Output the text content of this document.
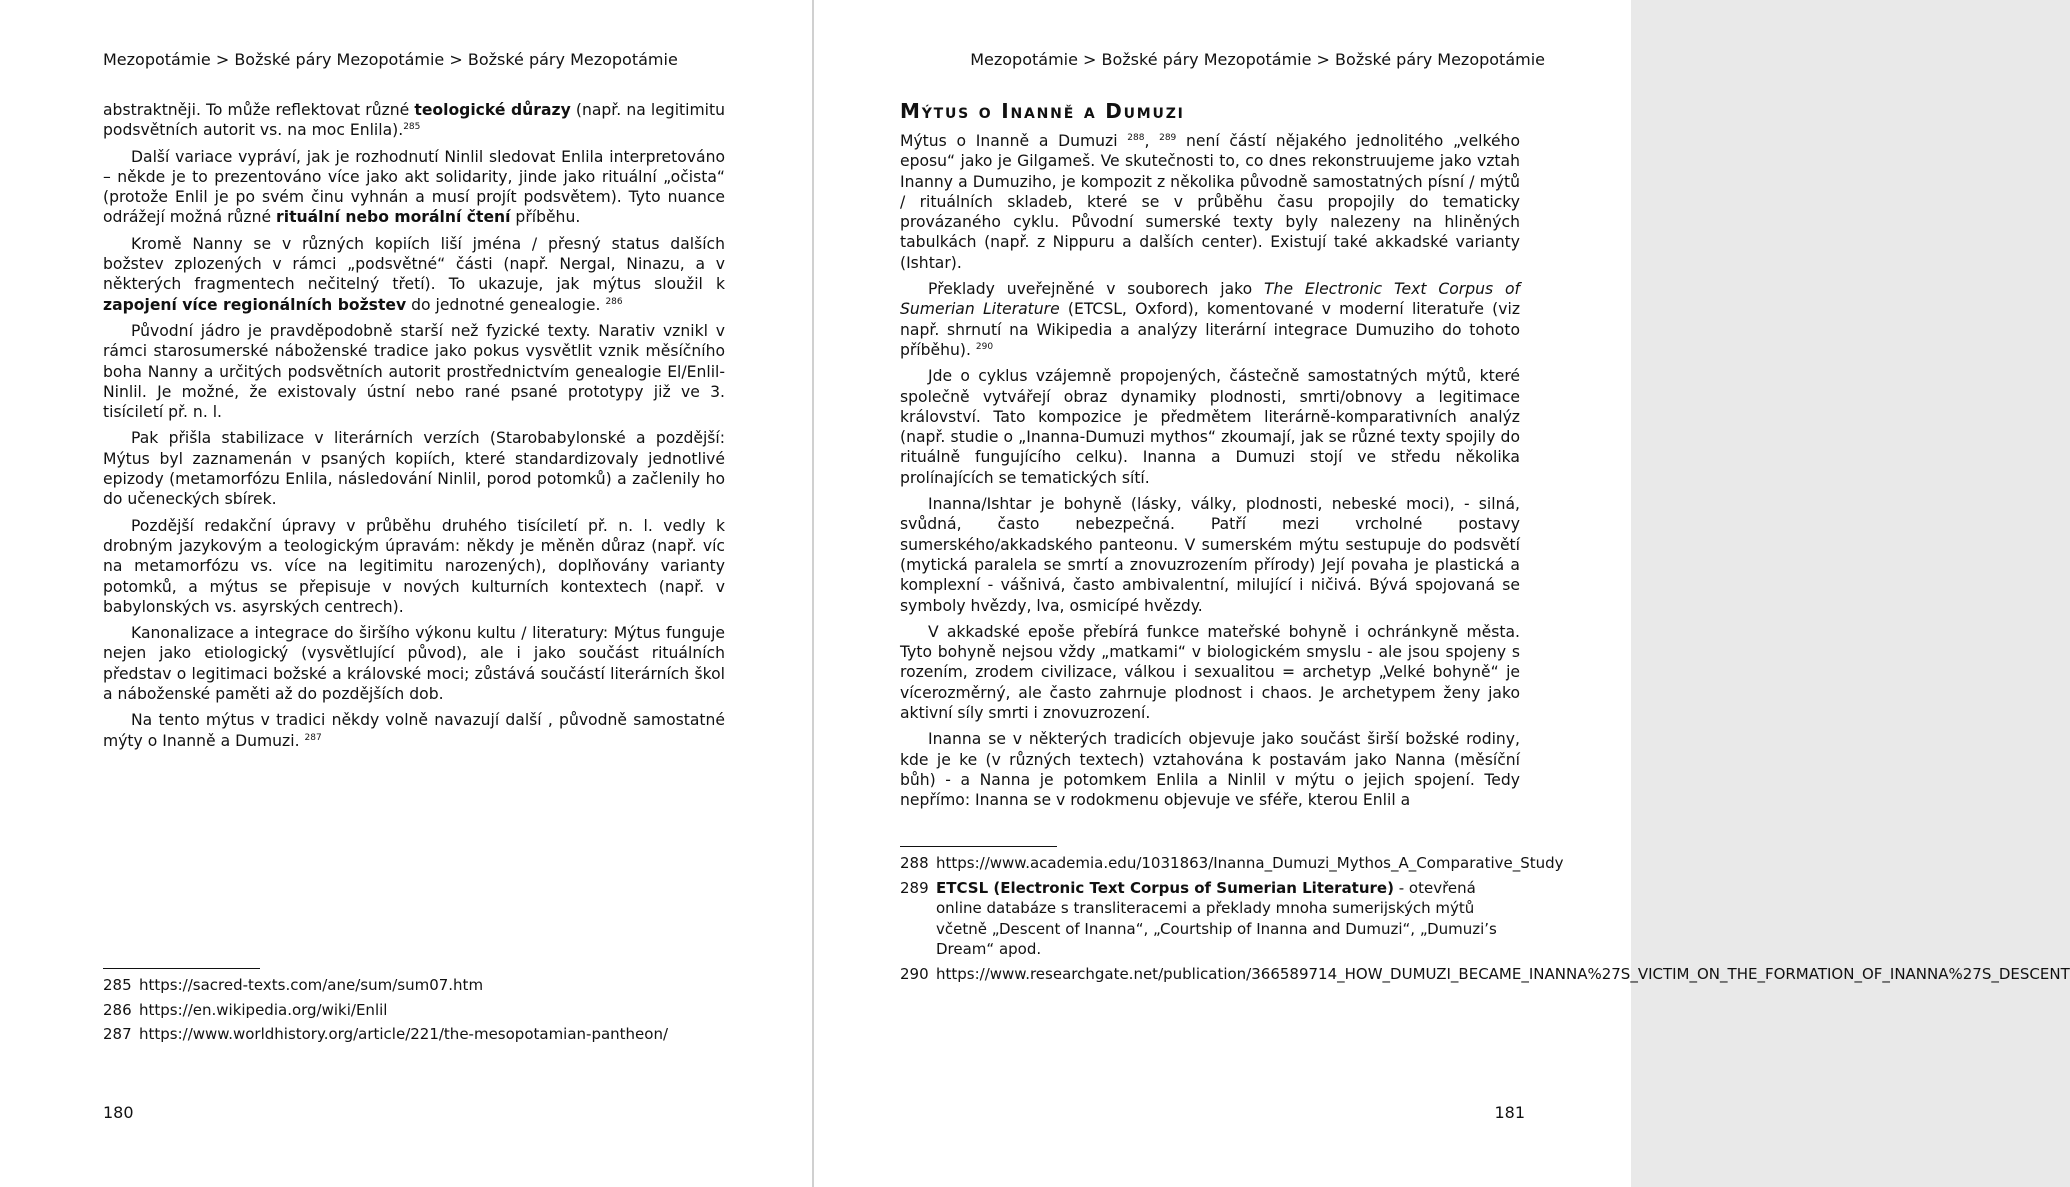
Mezopotámie > Božské páry Mezopotámie > Božské páry Mezopotámie

abstraktněji. To může reflektovat různé teologické důrazy (např. na legitimitu podsvětních autorit vs. na moc Enlila).$^{285}$

Další variace vypráví, jak je rozhodnutí Ninlil sledovat Enlila interpretováno – někde je to prezentováno více jako akt solidarity, jinde jako rituální „očista“ (protože Enlil je po svém činu vyhnán a musí projít podsvětem). Tyto nuance odrážejí možná různé rituální nebo morální čtení příběhu.

Kromě Nanny se v různých kopiích liší jména / přesný status dalších božstev zplozených v rámci „podsvětné“ části (např. Nergal, Ninazu, a v některých fragmentech nečitelný třetí). To ukazuje, jak mýtus sloužil k zapojení více regionálních božstev do jednotné genealogie. $^{286}$

Původní jádro je pravděpodobně starší než fyzické texty. Narativ vznikl v rámci starosumerské náboženské tradice jako pokus vysvětlit vznik měsíčního boha Nanny a určitých podsvětních autorit prostřednictvím genealogie El/Enlil-Ninlil. Je možné, že existovaly ústní nebo rané psané prototypy již ve 3. tisíciletí př. n. l.

Pak přišla stabilizace v literárních verzích (Starobabylonské a pozdější: Mýtus byl zaznamenán v psaných kopiích, které standardizovaly jednotlivé epizody (metamorfózu Enlila, následování Ninlil, porod potomků) a začlenily ho do učeneckých sbírek.

Pozdější redakční úpravy v průběhu druhého tisíciletí př. n. l. vedly k drobným jazykovým a teologickým úpravám: někdy je měněn důraz (např. víc na metamorfózu vs. více na legitimitu narozených), doplňovány varianty potomků, a mýtus se přepisuje v nových kulturních kontextech (např. v babylonských vs. asyrských centrech).

Kanonalizace a integrace do širšího výkonu kultu / literatury: Mýtus funguje nejen jako etiologický (vysvětlující původ), ale i jako součást rituálních představ o legitimaci božské a královské moci; zůstává součástí literárních škol a náboženské paměti až do pozdějších dob.

Na tento mýtus v tradici někdy volně navazují další , původně samostatné mýty o Inanně a Dumuzi. $^{287}$

285 https://sacred-texts.com/ane/sum/sum07.htm
286 https://en.wikipedia.org/wiki/Enlil
287 https://www.worldhistory.org/article/221/the-mesopotamian-pantheon/
180
Mezopotámie > Božské páry Mezopotámie > Božské páry Mezopotámie
Mýtus o Inanně a Dumuzi

Mýtus o Inanně a Dumuzi $^{288}$, $^{289}$ není částí nějakého jednolitého „velkého eposu“ jako je Gilgameš. Ve skutečnosti to, co dnes rekonstruujeme jako vztah Inanny a Dumuziho, je kompozit z několika původně samostatných písní / mýtů / rituálních skladeb, které se v průběhu času propojily do tematicky provázaného cyklu. Původní sumerské texty byly nalezeny na hliněných tabulkách (např. z Nippuru a dalších center). Existují také akkadské varianty (Ishtar).

Překlady uveřejněné v souborech jako The Electronic Text Corpus of Sumerian Literature (ETCSL, Oxford), komentované v moderní literatuře (viz např. shrnutí na Wikipedia a analýzy literární integrace Dumuziho do tohoto příběhu). $^{290}$

Jde o cyklus vzájemně propojených, částečně samostatných mýtů, které společně vytvářejí obraz dynamiky plodnosti, smrti/obnovy a legitimace království. Tato kompozice je předmětem literárně-komparativních analýz (např. studie o „Inanna-Dumuzi mythos“ zkoumají, jak se různé texty spojily do rituálně fungujícího celku). Inanna a Dumuzi stojí ve středu několika prolínajících se tematických sítí.

Inanna/Ishtar je bohyně (lásky, války, plodnosti, nebeské moci), - silná, svůdná, často nebezpečná. Patří mezi vrcholné postavy sumerského/akkadského panteonu. V sumerském mýtu sestupuje do podsvětí (mytická paralela se smrtí a znovuzrozením přírody) Její povaha je plastická a komplexní - vášnivá, často ambivalentní, milující i ničivá. Bývá spojovaná se symboly hvězdy, lva, osmicípé hvězdy.

V akkadské epoše přebírá funkce mateřské bohyně i ochránkyně města. Tyto bohyně nejsou vždy „matkami“ v biologickém smyslu - ale jsou spojeny s rozením, zrodem civilizace, válkou i sexualitou = archetyp „Velké bohyně“ je vícerozměrný, ale často zahrnuje plodnost i chaos. Je archetypem ženy jako aktivní síly smrti i znovuzrození.

Inanna se v některých tradicích objevuje jako součást širší božské rodiny, kde je ke (v různých textech) vztahována k postavám jako Nanna (měsíční bůh) - a Nanna je potomkem Enlila a Ninlil v mýtu o jejich spojení. Tedy nepřímo: Inanna se v rodokmenu objevuje ve sféře, kterou Enlil a

288 https://www.academia.edu/1031863/Inanna_Dumuzi_Mythos_A_Comparative_Study
289 ETCSL (Electronic Text Corpus of Sumerian Literature) - otevřená online databáze s transliteracemi a překlady mnoha sumerijských mýtů včetně „Descent of Inanna“, „Courtship of Inanna and Dumuzi“, „Dumuzi’s Dream“ apod.
290 https://www.researchgate.net/publication/366589714_HOW_DUMUZI_BECAME_INANNA%27S_VICTIM_ON_THE_FORMATION_OF_INANNA%27S_DESCENT
181
